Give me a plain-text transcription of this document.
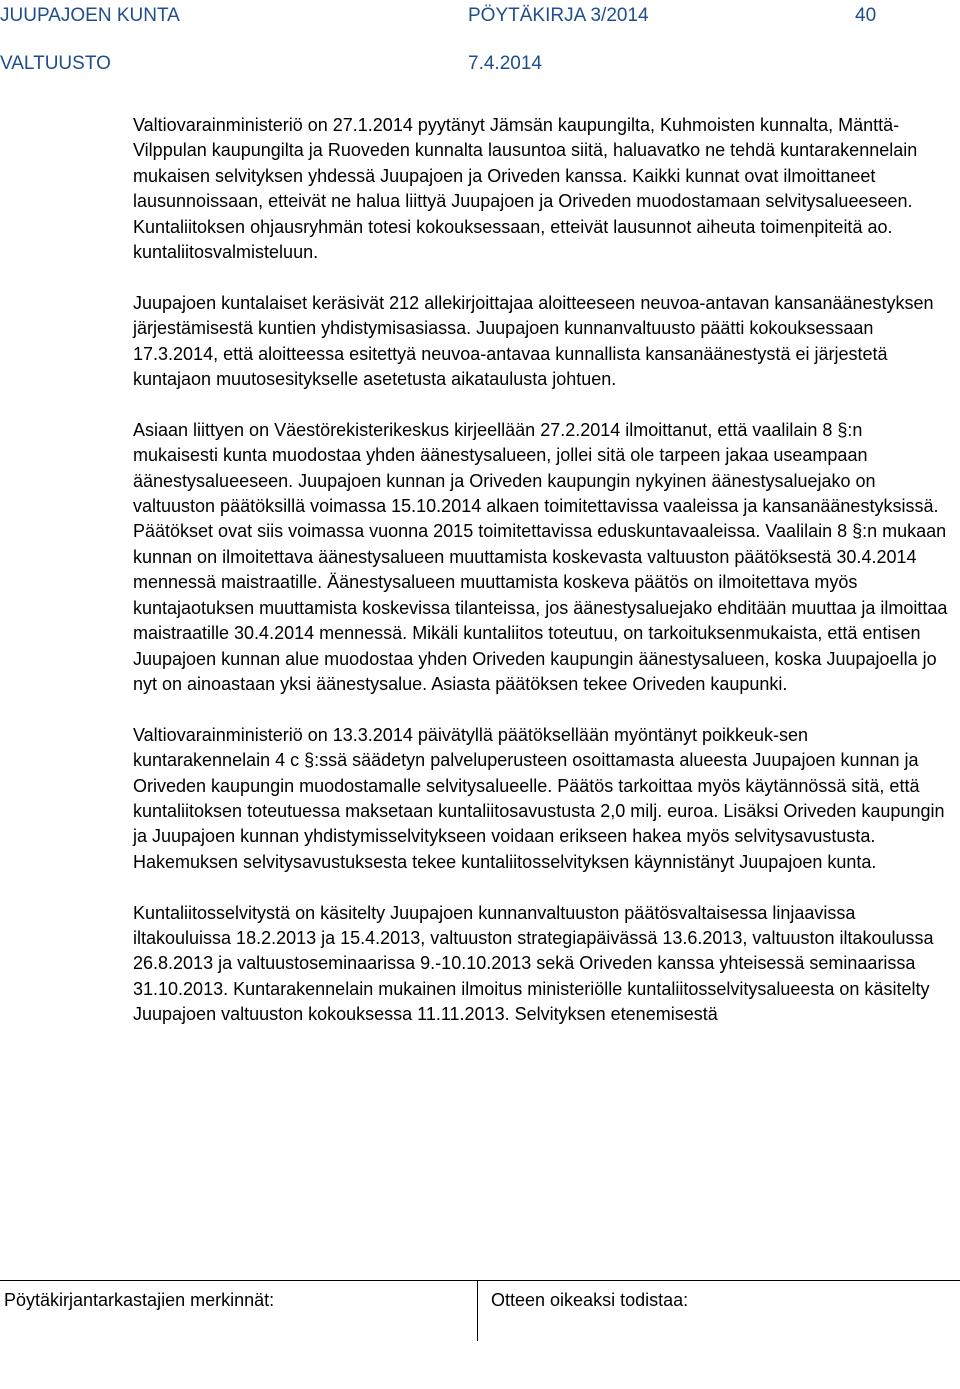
JUUPAJOEN KUNTA	PÖYTÄKIRJA 3/2014	40
VALTUUSTO	7.4.2014

Valtiovarainministeriö on 27.1.2014 pyytänyt Jämsän kaupungilta, Kuhmoisten kunnalta, Mänttä-Vilppulan kaupungilta ja Ruoveden kunnalta lausuntoa siitä, haluavatko ne tehdä kuntarakennelain mukaisen selvityksen yhdessä Juupajoen ja Oriveden kanssa. Kaikki kunnat ovat ilmoittaneet lausunnoissaan, etteivät ne halua liittyä Juupajoen ja Oriveden muodostamaan selvitysalueeseen. Kuntaliitoksen ohjausryhmän totesi kokouksessaan, etteivät lausunnot aiheuta toimenpiteitä ao. kuntaliitosvalmisteluun.

Juupajoen kuntalaiset keräsivät 212 allekirjoittajaa aloitteeseen neuvoa-antavan kansanäänestyksen järjestämisestä kuntien yhdistymisasiassa. Juupajoen kunnanvaltuusto päätti kokouksessaan 17.3.2014, että aloitteessa esitettyä neuvoa-antavaa kunnallista kansanäänestystä ei järjestetä kuntajaon muutosesitykselle asetetusta aikataulusta johtuen.

Asiaan liittyen on Väestörekisterikeskus kirjeellään 27.2.2014 ilmoittanut, että vaalilain 8 §:n mukaisesti kunta muodostaa yhden äänestysalueen, jollei sitä ole tarpeen jakaa useampaan äänestysalueeseen. Juupajoen kunnan ja Oriveden kaupungin nykyinen äänestysaluejako on valtuuston päätöksillä voimassa 15.10.2014 alkaen toimitettavissa vaaleissa ja kansanäänestyksissä. Päätökset ovat siis voimassa vuonna 2015 toimitettavissa eduskuntavaaleissa. Vaalilain 8 §:n mukaan kunnan on ilmoitettava äänestysalueen muuttamista koskevasta valtuuston päätöksestä 30.4.2014 mennessä maistraatille. Äänestysalueen muuttamista koskeva päätös on ilmoitettava myös kuntajaotuksen muuttamista koskevissa tilanteissa, jos äänestysaluejako ehditään muuttaa ja ilmoittaa maistraatille 30.4.2014 mennessä. Mikäli kuntaliitos toteutuu, on tarkoituksenmukaista, että entisen Juupajoen kunnan alue muodostaa yhden Oriveden kaupungin äänestysalueen, koska Juupajoella jo nyt on ainoastaan yksi äänestysalue. Asiasta päätöksen tekee Oriveden kaupunki.

Valtiovarainministeriö on 13.3.2014 päivätyllä päätöksellään myöntänyt poikkeuk-sen kuntarakennelain 4 c §:ssä säädetyn palveluperusteen osoittamasta alueesta Juupajoen kunnan ja Oriveden kaupungin muodostamalle selvitysalueelle. Päätös tarkoittaa myös käytännössä sitä, että kuntaliitoksen toteutuessa maksetaan kuntaliitosavustusta 2,0 milj. euroa. Lisäksi Oriveden kaupungin ja Juupajoen kunnan yhdistymisselvitykseen voidaan erikseen hakea myös selvitysavustusta. Hakemuksen selvitysavustuksesta tekee kuntaliitosselvityksen käynnistänyt Juupajoen kunta.

Kuntaliitosselvitystä on käsitelty Juupajoen kunnanvaltuuston päätösvaltaisessa linjaavissa iltakouluissa 18.2.2013 ja 15.4.2013, valtuuston strategiapäivässä 13.6.2013, valtuuston iltakoulussa 26.8.2013 ja valtuustoseminaarissa 9.-10.10.2013 sekä Oriveden kanssa yhteisessä seminaarissa 31.10.2013. Kuntarakennelain mukainen ilmoitus ministeriölle kuntaliitosselvitysalueesta on käsitelty Juupajoen valtuuston kokouksessa 11.11.2013. Selvityksen etenemisestä

Pöytäkirjantarkastajien merkinnät:	Otteen oikeaksi todistaa:
